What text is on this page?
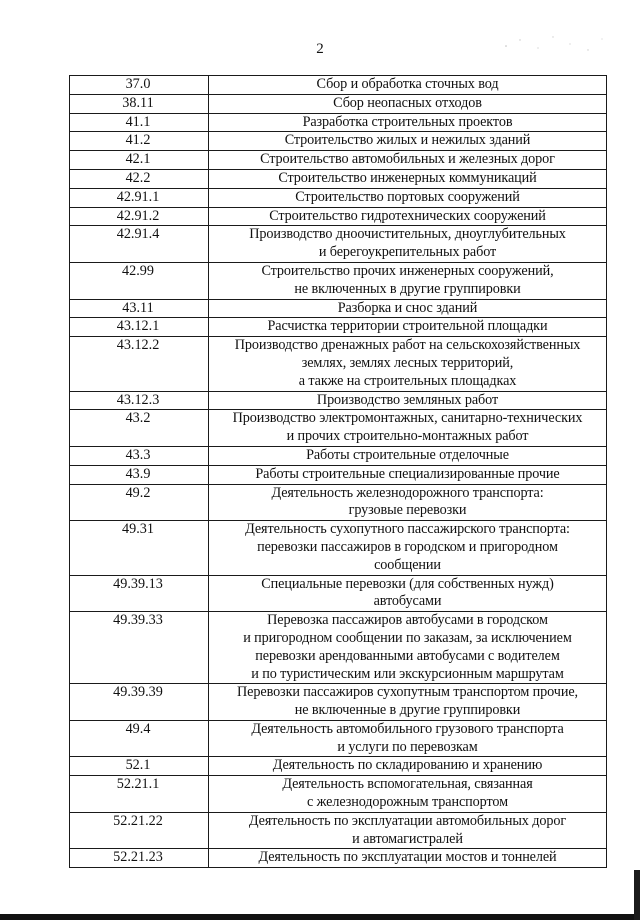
2
37.0	Сбор и обработка сточных вод
38.11	Сбор неопасных отходов
41.1	Разработка строительных проектов
41.2	Строительство жилых и нежилых зданий
42.1	Строительство автомобильных и железных дорог
42.2	Строительство инженерных коммуникаций
42.91.1	Строительство портовых сооружений
42.91.2	Строительство гидротехнических сооружений
42.91.4	Производство дноочистительных, дноуглубительных
и берегоукрепительных работ
42.99	Строительство прочих инженерных сооружений,
не включенных в другие группировки
43.11	Разборка и снос зданий
43.12.1	Расчистка территории строительной площадки
43.12.2	Производство дренажных работ на сельскохозяйственных
землях, землях лесных территорий,
а также на строительных площадках
43.12.3	Производство земляных работ
43.2	Производство электромонтажных, санитарно-технических
и прочих строительно-монтажных работ
43.3	Работы строительные отделочные
43.9	Работы строительные специализированные прочие
49.2	Деятельность железнодорожного транспорта:
грузовые перевозки
49.31	Деятельность сухопутного пассажирского транспорта:
перевозки пассажиров в городском и пригородном
сообщении
49.39.13	Специальные перевозки (для собственных нужд)
автобусами
49.39.33	Перевозка пассажиров автобусами в городском
и пригородном сообщении по заказам, за исключением
перевозки арендованными автобусами с водителем
и по туристическим или экскурсионным маршрутам
49.39.39	Перевозки пассажиров сухопутным транспортом прочие,
не включенные в другие группировки
49.4	Деятельность автомобильного грузового транспорта
и услуги по перевозкам
52.1	Деятельность по складированию и хранению
52.21.1	Деятельность вспомогательная, связанная
с железнодорожным транспортом
52.21.22	Деятельность по эксплуатации автомобильных дорог
и автомагистралей
52.21.23	Деятельность по эксплуатации мостов и тоннелей
